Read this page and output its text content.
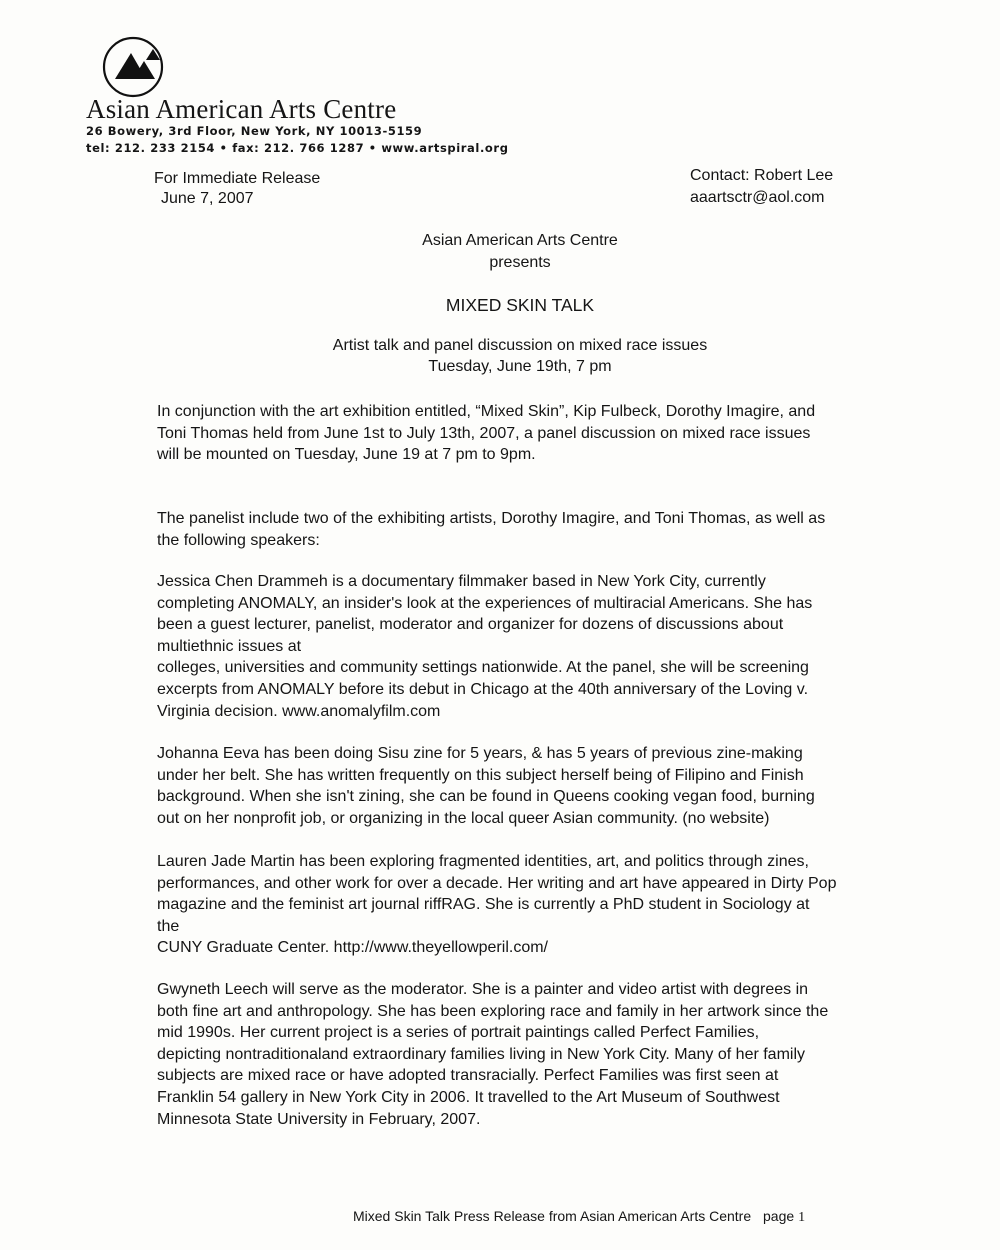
Asian American Arts Centre
26 Bowery, 3rd Floor, New York, NY 10013-5159
tel: 212. 233 2154 • fax: 212. 766 1287 • www.artspiral.org
For Immediate Release
June 7, 2007
Contact: Robert Lee
aaartsctr@aol.com
Asian American Arts Centre
presents
MIXED SKIN TALK
Artist talk and panel discussion on mixed race issues
Tuesday, June 19th, 7 pm
In conjunction with the art exhibition entitled, “Mixed Skin”, Kip Fulbeck, Dorothy Imagire, and
Toni Thomas held from June 1st to July 13th, 2007, a panel discussion on mixed race issues
will be mounted on Tuesday, June 19 at 7 pm to 9pm.
The panelist include two of the exhibiting artists, Dorothy Imagire, and Toni Thomas, as well as
the following speakers:
Jessica Chen Drammeh is a documentary filmmaker based in New York City, currently
completing ANOMALY, an insider's look at the experiences of multiracial Americans. She has
been a guest lecturer, panelist, moderator and organizer for dozens of discussions about
multiethnic issues at
colleges, universities and community settings nationwide. At the panel, she will be screening
excerpts from ANOMALY before its debut in Chicago at the 40th anniversary of the Loving v.
Virginia decision. www.anomalyfilm.com
Johanna Eeva has been doing Sisu zine for 5 years, & has 5 years of previous zine-making
under her belt. She has written frequently on this subject herself being of Filipino and Finish
background. When she isn't zining, she can be found in Queens cooking vegan food, burning
out on her nonprofit job, or organizing in the local queer Asian community. (no website)
Lauren Jade Martin has been exploring fragmented identities, art, and politics through zines,
performances, and other work for over a decade. Her writing and art have appeared in Dirty Pop
magazine and the feminist art journal riffRAG. She is currently a PhD student in Sociology at
the
CUNY Graduate Center. http://www.theyellowperil.com/
Gwyneth Leech will serve as the moderator. She is a painter and video artist with degrees in
both fine art and anthropology. She has been exploring race and family in her artwork since the
mid 1990s. Her current project is a series of portrait paintings called Perfect Families,
depicting nontraditionaland extraordinary families living in New York City. Many of her family
subjects are mixed race or have adopted transracially. Perfect Families was first seen at
Franklin 54 gallery in New York City in 2006. It travelled to the Art Museum of Southwest
Minnesota State University in February, 2007.
Mixed Skin Talk Press Release from Asian American Arts Centre page 1
